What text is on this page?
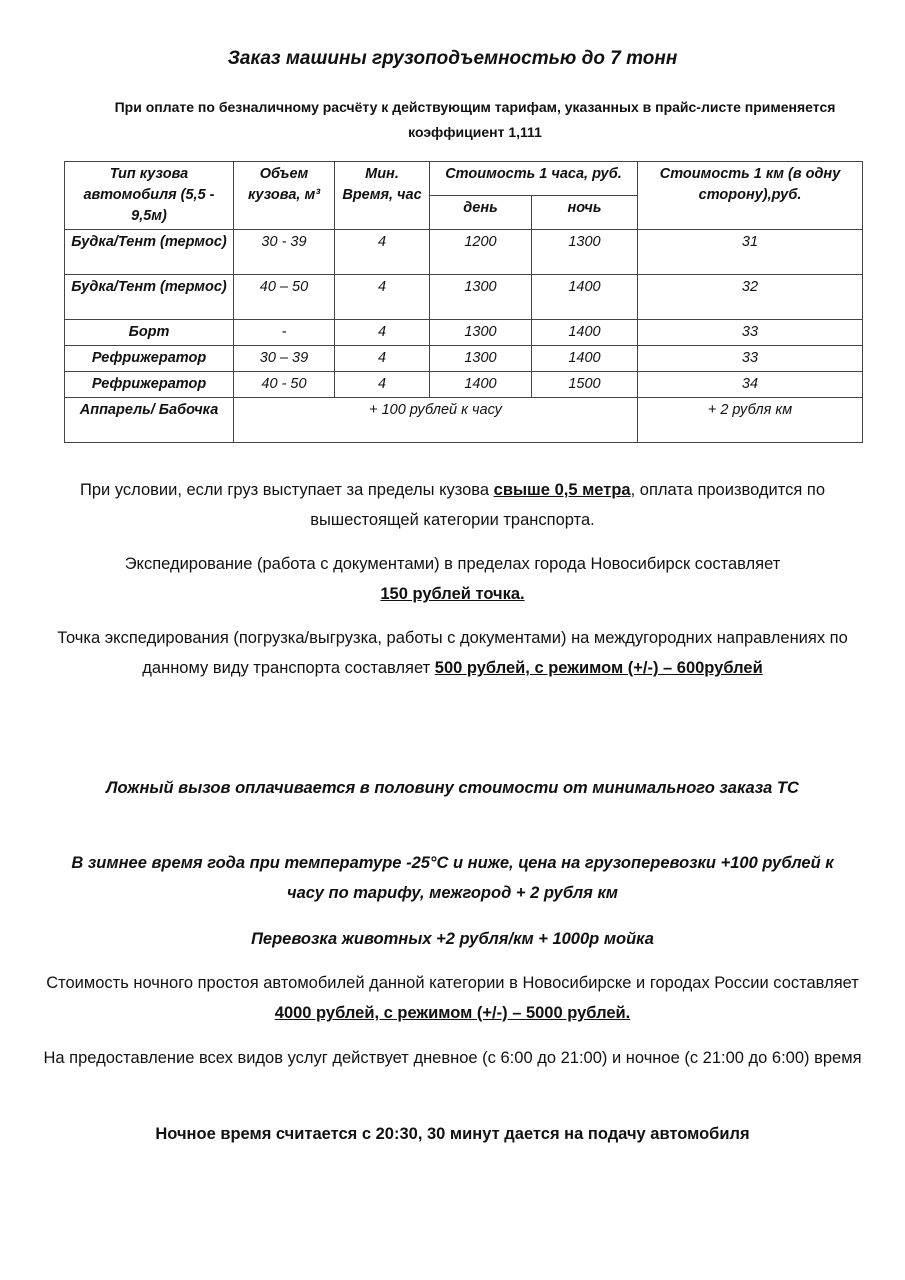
Заказ машины грузоподъемностью до 7 тонн
При оплате по безналичному расчёту к действующим тарифам, указанных в прайс-листе применяется коэффициент 1,111
Тип кузова автомобиля (5,5 - 9,5м)	Объем кузова, м³	Мин. Время, час	Стоимость 1 часа, руб.		Стоимость 1 км (в одну сторону),руб.
			день	ночь	
Будка/Тент (термос)	30 - 39	4	1200	1300	31
Будка/Тент (термос)	40 – 50	4	1300	1400	32
Борт	-	4	1300	1400	33
Рефрижератор	30 – 39	4	1300	1400	33
Рефрижератор	40 - 50	4	1400	1500	34
Аппарель/ Бабочка	+ 100 рублей к часу				+ 2 рубля км
При условии, если груз выступает за пределы кузова свыше 0,5 метра, оплата производится по вышестоящей категории транспорта.
Экспедирование (работа с документами) в пределах города Новосибирск составляет
150 рублей точка.
Точка экспедирования (погрузка/выгрузка, работы с документами) на междугородних направлениях по данному виду транспорта составляет 500 рублей, с режимом (+/-) – 600рублей
Ложный вызов оплачивается в половину стоимости от минимального заказа ТС
В зимнее время года при температуре -25°С и ниже, цена на грузоперевозки +100 рублей к часу по тарифу, межгород + 2 рубля км
Перевозка животных +2 рубля/км + 1000р мойка
Стоимость ночного простоя автомобилей данной категории в Новосибирске и городах России составляет 4000 рублей, с режимом (+/-) – 5000 рублей.
На предоставление всех видов услуг действует дневное (с 6:00 до 21:00) и ночное (с 21:00 до 6:00) время
Ночное время считается с 20:30, 30 минут дается на подачу автомобиля
